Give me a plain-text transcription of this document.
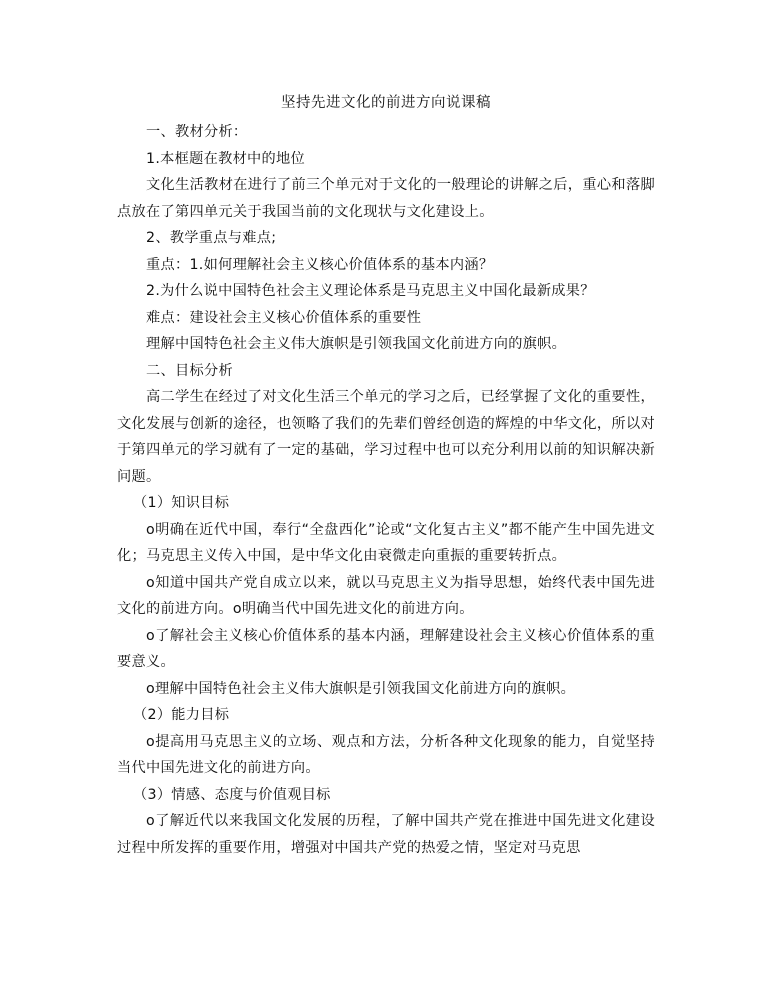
坚持先进文化的前进方向说课稿

一、教材分析：

1.本框题在教材中的地位

文化生活教材在进行了前三个单元对于文化的一般理论的讲解之后，重心和落脚点放在了第四单元关于我国当前的文化现状与文化建设上。

2、教学重点与难点;

重点：1.如何理解社会主义核心价值体系的基本内涵？

2.为什么说中国特色社会主义理论体系是马克思主义中国化最新成果？

难点：建设社会主义核心价值体系的重要性

理解中国特色社会主义伟大旗帜是引领我国文化前进方向的旗帜。

二、目标分析

高二学生在经过了对文化生活三个单元的学习之后，已经掌握了文化的重要性，文化发展与创新的途径，也领略了我们的先辈们曾经创造的辉煌的中华文化，所以对于第四单元的学习就有了一定的基础，学习过程中也可以充分利用以前的知识解决新问题。

（1）知识目标

o明确在近代中国，奉行“全盘西化”论或“文化复古主义”都不能产生中国先进文化；马克思主义传入中国，是中华文化由衰微走向重振的重要转折点。

o知道中国共产党自成立以来，就以马克思主义为指导思想，始终代表中国先进文化的前进方向。o明确当代中国先进文化的前进方向。

o了解社会主义核心价值体系的基本内涵，理解建设社会主义核心价值体系的重要意义。

o理解中国特色社会主义伟大旗帜是引领我国文化前进方向的旗帜。

（2）能力目标

o提高用马克思主义的立场、观点和方法，分析各种文化现象的能力，自觉坚持当代中国先进文化的前进方向。

（3）情感、态度与价值观目标

o了解近代以来我国文化发展的历程，了解中国共产党在推进中国先进文化建设过程中所发挥的重要作用，增强对中国共产党的热爱之情，坚定对马克思
